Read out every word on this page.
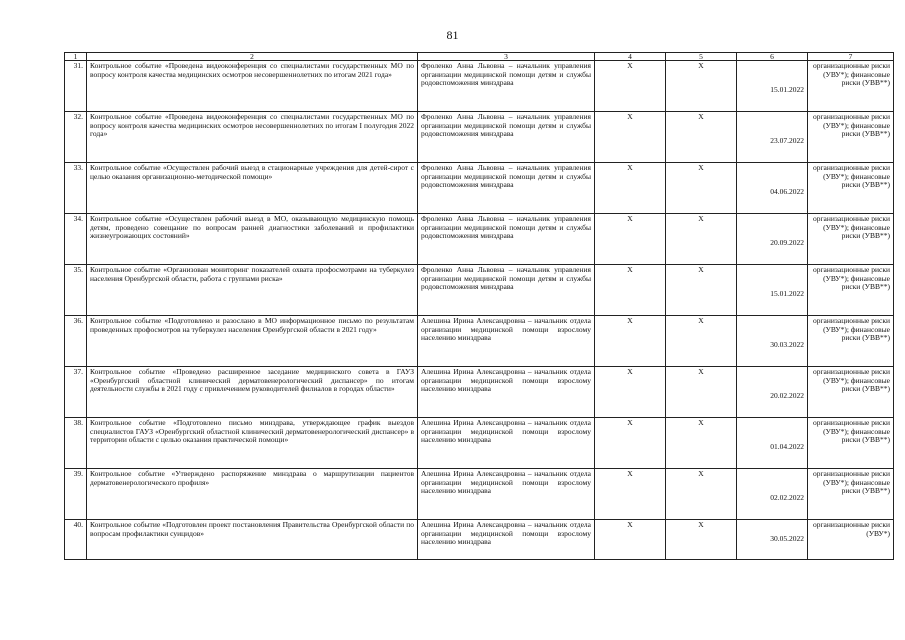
81
1	2	3	4	5	6	7
31.	Контрольное событие «Проведена видеоконференция со специалистами государственных МО по вопросу контроля качества медицинских осмотров несовершеннолетних по итогам 2021 года»	Фроленко Анна Львовна – начальник управления организации медицинской помощи детям и службы родовспоможения минздрава	X	X	15.01.2022	организационные риски (УВУ*); финансовые риски (УВВ**)
32.	Контрольное событие «Проведена видеоконференция со специалистами государственных МО по вопросу контроля качества медицинских осмотров несовершеннолетних по итогам I полугодия 2022 года»	Фроленко Анна Львовна – начальник управления организации медицинской помощи детям и службы родовспоможения минздрава	X	X	23.07.2022	организационные риски (УВУ*); финансовые риски (УВВ**)
33.	Контрольное событие «Осуществлен рабочий выезд в стационарные учреждения для детей-сирот с целью оказания организационно-методической помощи»	Фроленко Анна Львовна – начальник управления организации медицинской помощи детям и службы родовспоможения минздрава	X	X	04.06.2022	организационные риски (УВУ*); финансовые риски (УВВ**)
34.	Контрольное событие «Осуществлен рабочий выезд в МО, оказывающую медицинскую помощь детям, проведено совещание по вопросам ранней диагностики заболеваний и профилактики жизнеугрожающих состояний»	Фроленко Анна Львовна – начальник управления организации медицинской помощи детям и службы родовспоможения минздрава	X	X	20.09.2022	организационные риски (УВУ*); финансовые риски (УВВ**)
35.	Контрольное событие «Организован мониторинг показателей охвата профосмотрами на туберкулез населения Оренбургской области, работа с группами риска»	Фроленко Анна Львовна – начальник управления организации медицинской помощи детям и службы родовспоможения минздрава	X	X	15.01.2022	организационные риски (УВУ*); финансовые риски (УВВ**)
36.	Контрольное событие «Подготовлено и разослано в МО информационное письмо по результатам проведенных профосмотров на туберкулез населения Оренбургской области в 2021 году»	Алешина Ирина Александровна – начальник отдела организации медицинской помощи взрослому населению минздрава	X	X	30.03.2022	организационные риски (УВУ*); финансовые риски (УВВ**)
37.	Контрольное событие «Проведено расширенное заседание медицинского совета в ГАУЗ «Оренбургский областной клинический дерматовенерологический диспансер» по итогам деятельности службы в 2021 году с привлечением руководителей филиалов в городах области»	Алешина Ирина Александровна – начальник отдела организации медицинской помощи взрослому населению минздрава	X	X	20.02.2022	организационные риски (УВУ*); финансовые риски (УВВ**)
38.	Контрольное событие «Подготовлено письмо минздрава, утверждающее график выездов специалистов ГАУЗ «Оренбургский областной клинический дерматовенерологический диспансер» в территории области с целью оказания практической помощи»	Алешина Ирина Александровна – начальник отдела организации медицинской помощи взрослому населению минздрава	X	X	01.04.2022	организационные риски (УВУ*); финансовые риски (УВВ**)
39.	Контрольное событие «Утверждено распоряжение минздрава о маршрутизации пациентов дерматовенерологического профиля»	Алешина Ирина Александровна – начальник отдела организации медицинской помощи взрослому населению минздрава	X	X	02.02.2022	организационные риски (УВУ*); финансовые риски (УВВ**)
40.	Контрольное событие «Подготовлен проект постановления Правительства Оренбургской области по вопросам профилактики суицидов»	Алешина Ирина Александровна – начальник отдела организации медицинской помощи взрослому населению минздрава	X	X	30.05.2022	организационные риски (УВУ*)
